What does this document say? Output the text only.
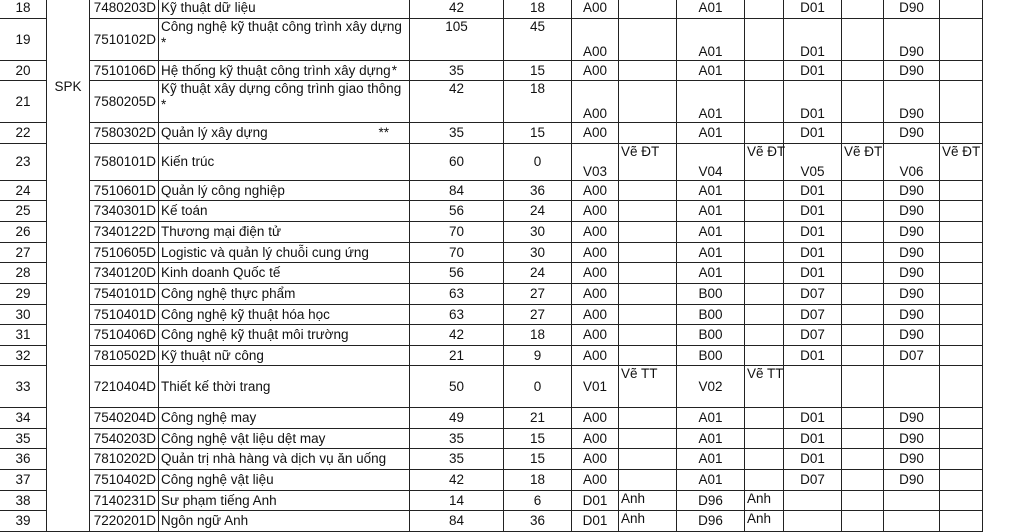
18	SPK	7480203D	Kỹ thuật dữ liệu	42	18	A00		A01		D01		D90	
19		7510102D	Công nghệ kỹ thuật công trình xây dựng *	105	45	A00		A01		D01		D90	
20		7510106D	Hệ thống kỹ thuật công trình xây dựng *	35	15	A00		A01		D01		D90	
21		7580205D	Kỹ thuật xây dựng công trình giao thông *	42	18	A00		A01		D01		D90	
22		7580302D	Quản lý xây dựng **	35	15	A00		A01		D01		D90	
23		7580101D	Kiến trúc	60	0	V03	Vẽ ĐT	V04	Vẽ ĐT	V05	Vẽ ĐT	V06	Vẽ ĐT
24		7510601D	Quản lý công nghiệp	84	36	A00		A01		D01		D90	
25		7340301D	Kế toán	56	24	A00		A01		D01		D90	
26		7340122D	Thương mại điện tử	70	30	A00		A01		D01		D90	
27		7510605D	Logistic và quản lý chuỗi cung ứng	70	30	A00		A01		D01		D90	
28		7340120D	Kinh doanh Quốc tế	56	24	A00		A01		D01		D90	
29		7540101D	Công nghệ thực phẩm	63	27	A00		B00		D07		D90	
30		7510401D	Công nghệ kỹ thuật hóa học	63	27	A00		B00		D07		D90	
31		7510406D	Công nghệ kỹ thuật môi trường	42	18	A00		B00		D07		D90	
32		7810502D	Kỹ thuật nữ công	21	9	A00		B00		D01		D07	
33		7210404D	Thiết kế thời trang	50	0	V01	Vẽ TT	V02	Vẽ TT				
34		7540204D	Công nghệ may	49	21	A00		A01		D01		D90	
35		7540203D	Công nghệ vật liệu dệt may	35	15	A00		A01		D01		D90	
36		7810202D	Quản trị nhà hàng và dịch vụ ăn uống	35	15	A00		A01		D01		D90	
37		7510402D	Công nghệ vật liệu	42	18	A00		A01		D07		D90	
38		7140231D	Sư phạm tiếng Anh	14	6	D01	Anh	D96	Anh				
39		7220201D	Ngôn ngữ Anh	84	36	D01	Anh	D96	Anh				
